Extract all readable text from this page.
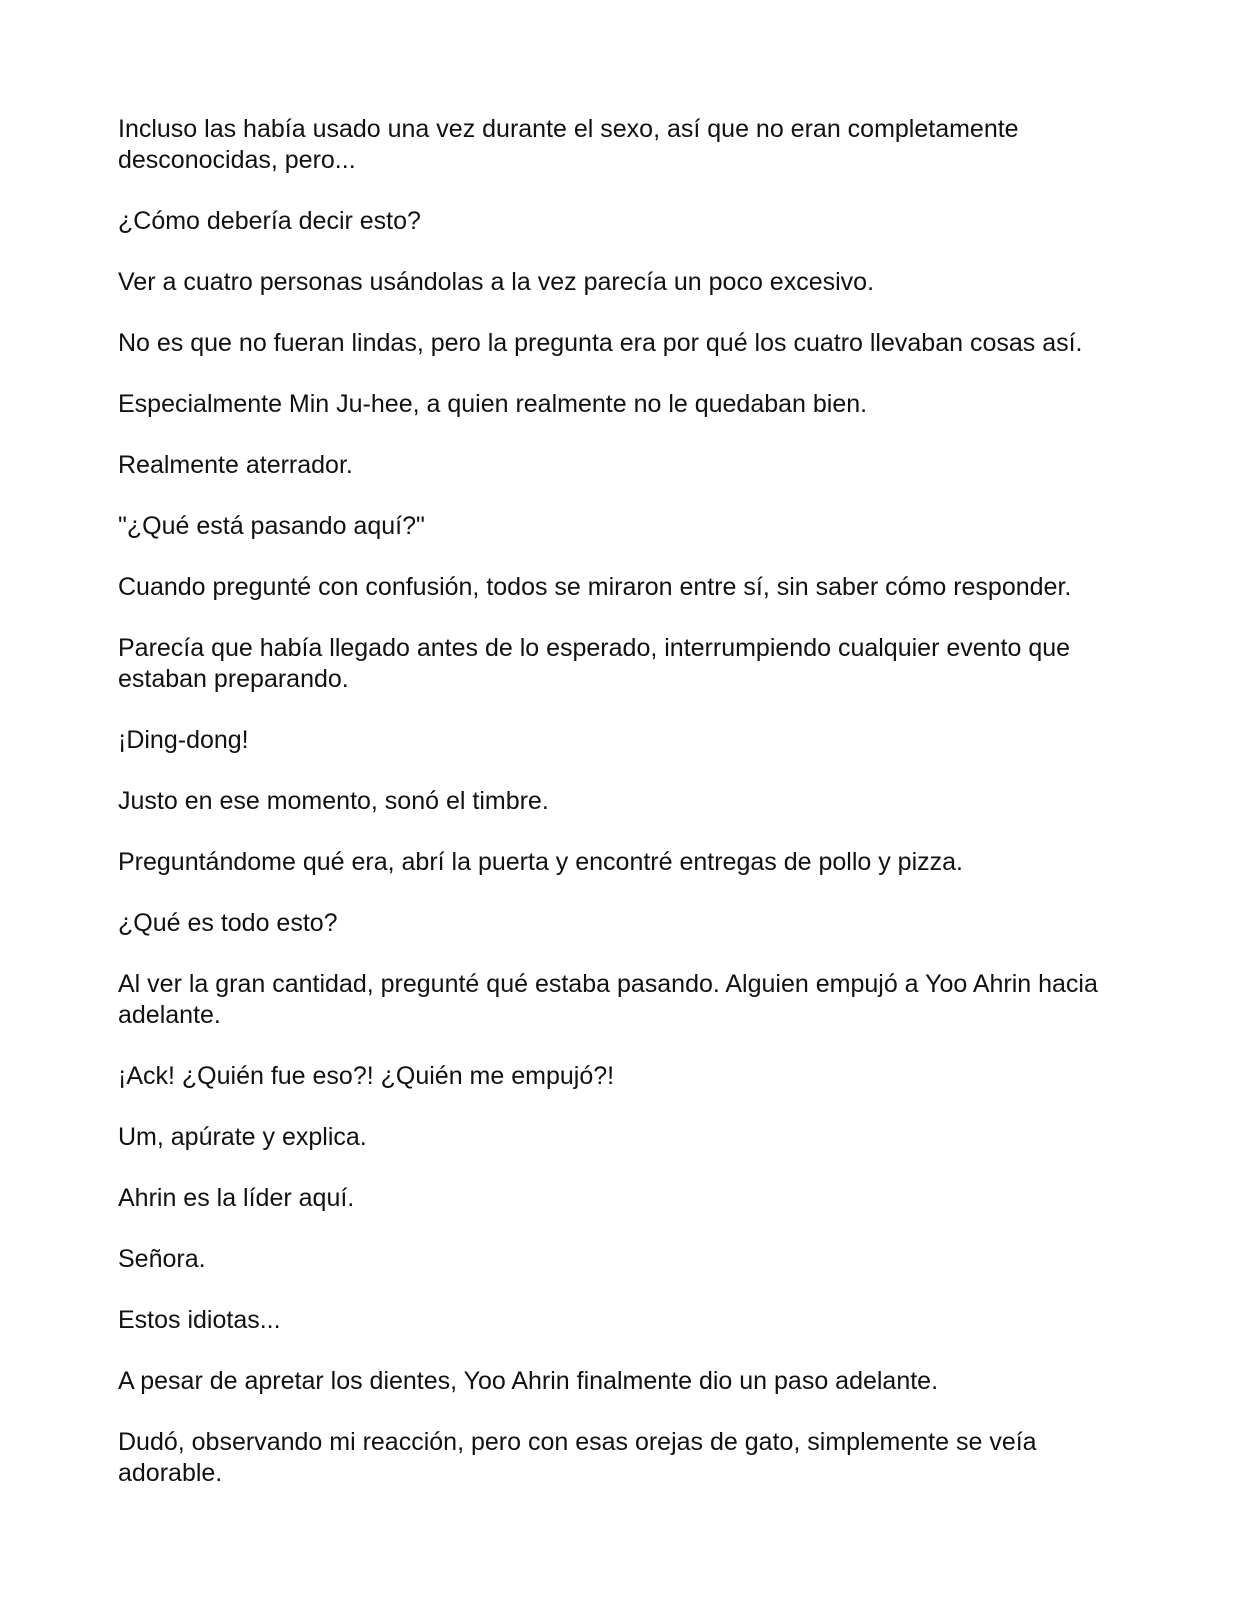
Incluso las había usado una vez durante el sexo, así que no eran completamente desconocidas, pero...

¿Cómo debería decir esto?

Ver a cuatro personas usándolas a la vez parecía un poco excesivo.

No es que no fueran lindas, pero la pregunta era por qué los cuatro llevaban cosas así.

Especialmente Min Ju-hee, a quien realmente no le quedaban bien.

Realmente aterrador.

"¿Qué está pasando aquí?"

Cuando pregunté con confusión, todos se miraron entre sí, sin saber cómo responder.

Parecía que había llegado antes de lo esperado, interrumpiendo cualquier evento que estaban preparando.

¡Ding-dong!

Justo en ese momento, sonó el timbre.

Preguntándome qué era, abrí la puerta y encontré entregas de pollo y pizza.

¿Qué es todo esto?

Al ver la gran cantidad, pregunté qué estaba pasando. Alguien empujó a Yoo Ahrin hacia adelante.

¡Ack! ¿Quién fue eso?! ¿Quién me empujó?!

Um, apúrate y explica.

Ahrin es la líder aquí.

Señora.

Estos idiotas...

A pesar de apretar los dientes, Yoo Ahrin finalmente dio un paso adelante.

Dudó, observando mi reacción, pero con esas orejas de gato, simplemente se veía adorable.
